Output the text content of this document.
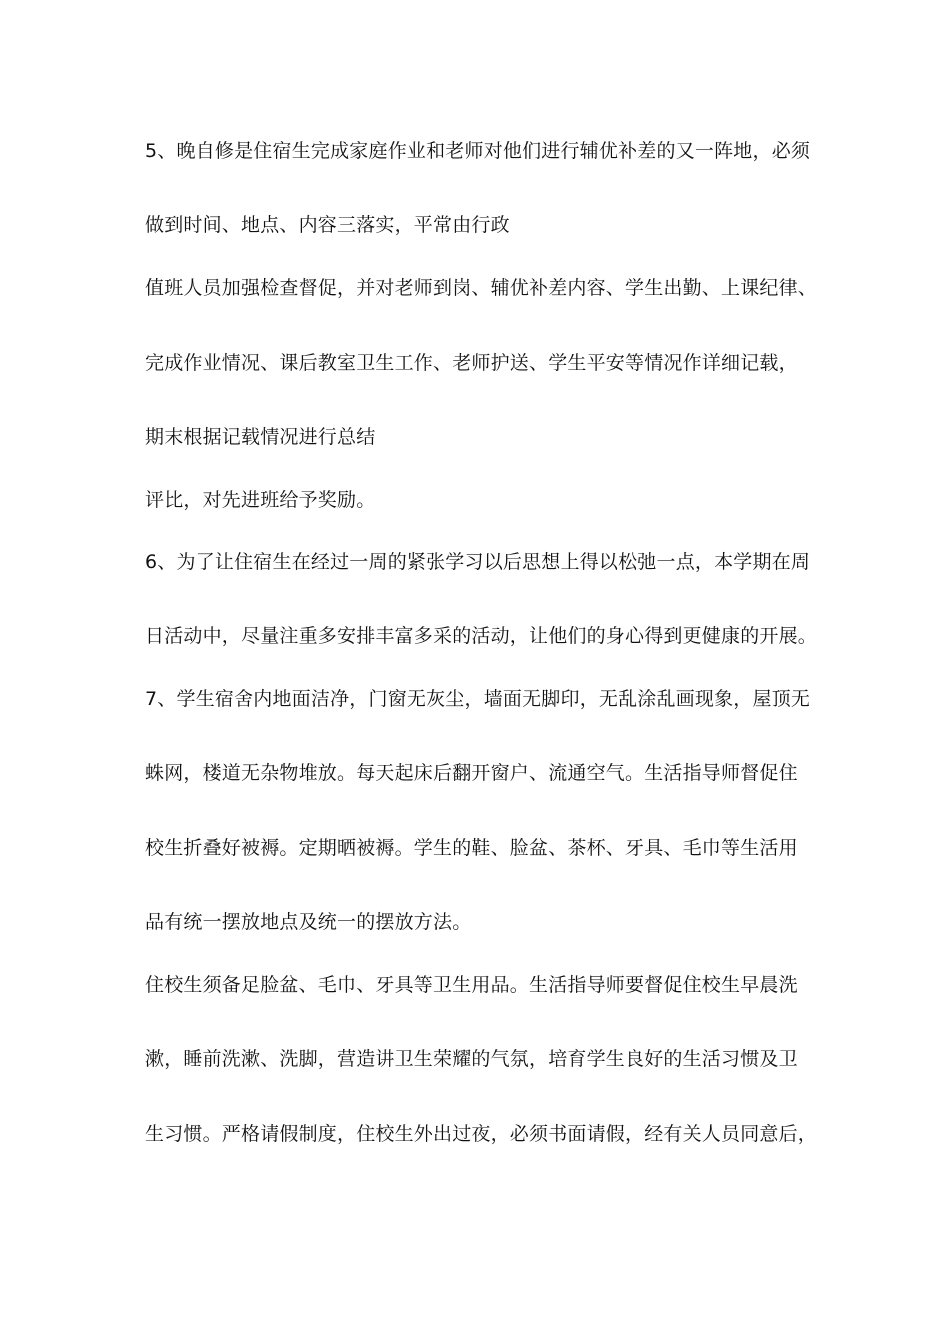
5、晚自修是住宿生完成家庭作业和老师对他们进行辅优补差的又一阵地，必须
做到时间、地点、内容三落实，平常由行政
值班人员加强检查督促，并对老师到岗、辅优补差内容、学生出勤、上课纪律、
完成作业情况、课后教室卫生工作、老师护送、学生平安等情况作详细记载，
期末根据记载情况进行总结
评比，对先进班给予奖励。
6、为了让住宿生在经过一周的紧张学习以后思想上得以松弛一点，本学期在周
日活动中，尽量注重多安排丰富多采的活动，让他们的身心得到更健康的开展。
7、学生宿舍内地面洁净，门窗无灰尘，墙面无脚印，无乱涂乱画现象，屋顶无
蛛网，楼道无杂物堆放。每天起床后翻开窗户、流通空气。生活指导师督促住
校生折叠好被褥。定期晒被褥。学生的鞋、脸盆、茶杯、牙具、毛巾等生活用
品有统一摆放地点及统一的摆放方法。
住校生须备足脸盆、毛巾、牙具等卫生用品。生活指导师要督促住校生早晨洗
漱，睡前洗漱、洗脚，营造讲卫生荣耀的气氛，培育学生良好的生活习惯及卫
生习惯。严格请假制度，住校生外出过夜，必须书面请假，经有关人员同意后，
